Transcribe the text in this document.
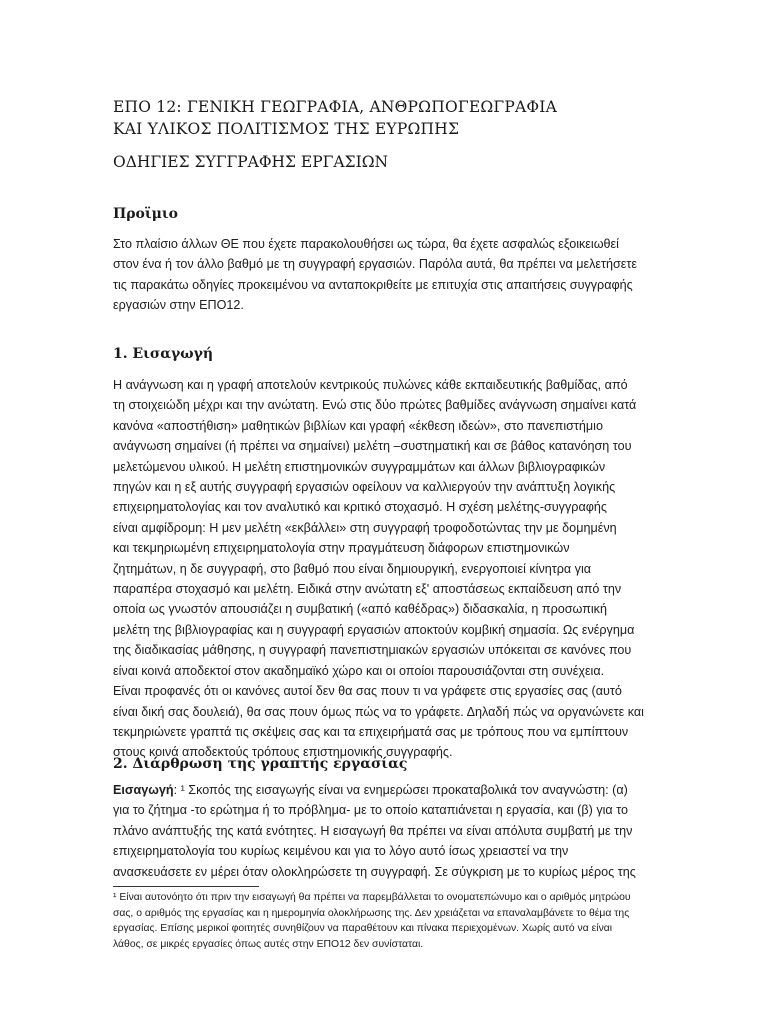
ΕΠΟ 12: ΓΕΝΙΚΗ ΓΕΩΓΡΑΦΙΑ, ΑΝΘΡΩΠΟΓΕΩΓΡΑΦΙΑ
ΚΑΙ ΥΛΙΚΟΣ ΠΟΛΙΤΙΣΜΟΣ ΤΗΣ ΕΥΡΩΠΗΣ
ΟΔΗΓΙΕΣ ΣΥΓΓΡΑΦΗΣ ΕΡΓΑΣΙΩΝ
Προϊμιο

Στο πλαίσιο άλλων ΘΕ που έχετε παρακολουθήσει ως τώρα, θα έχετε ασφαλώς εξοικειωθεί
στον ένα ή τον άλλο βαθμό με τη συγγραφή εργασιών. Παρόλα αυτά, θα πρέπει να μελετήσετε
τις παρακάτω οδηγίες προκειμένου να ανταποκριθείτε με επιτυχία στις απαιτήσεις συγγραφής
εργασιών στην ΕΠΟ12.

1. Εισαγωγή

Η ανάγνωση και η γραφή αποτελούν κεντρικούς πυλώνες κάθε εκπαιδευτικής βαθμίδας, από
τη στοιχειώδη μέχρι και την ανώτατη. Ενώ στις δύο πρώτες βαθμίδες ανάγνωση σημαίνει κατά
κανόνα «αποστήθιση» μαθητικών βιβλίων και γραφή «έκθεση ιδεών», στο πανεπιστήμιο
ανάγνωση σημαίνει (ή πρέπει να σημαίνει) μελέτη –συστηματική και σε βάθος κατανόηση του
μελετώμενου υλικού. Η μελέτη επιστημονικών συγγραμμάτων και άλλων βιβλιογραφικών
πηγών και η εξ αυτής συγγραφή εργασιών οφείλουν να καλλιεργούν την ανάπτυξη λογικής
επιχειρηματολογίας και τον αναλυτικό και κριτικό στοχασμό. Η σχέση μελέτης-συγγραφής
είναι αμφίδρομη: Η μεν μελέτη «εκβάλλει» στη συγγραφή τροφοδοτώντας την με δομημένη
και τεκμηριωμένη επιχειρηματολογία στην πραγμάτευση διάφορων επιστημονικών
ζητημάτων, η δε συγγραφή, στο βαθμό που είναι δημιουργική, ενεργοποιεί κίνητρα για
παραπέρα στοχασμό και μελέτη. Ειδικά στην ανώτατη εξ' αποστάσεως εκπαίδευση από την
οποία ως γνωστόν απουσιάζει η συμβατική («από καθέδρας») διδασκαλία, η προσωπική
μελέτη της βιβλιογραφίας και η συγγραφή εργασιών αποκτούν κομβική σημασία. Ως ενέργημα
της διαδικασίας μάθησης, η συγγραφή πανεπιστημιακών εργασιών υπόκειται σε κανόνες που
είναι κοινά αποδεκτοί στον ακαδημαϊκό χώρο και οι οποίοι παρουσιάζονται στη συνέχεια.
Είναι προφανές ότι οι κανόνες αυτοί δεν θα σας πουν τι να γράφετε στις εργασίες σας (αυτό
είναι δική σας δουλειά), θα σας πουν όμως πώς να το γράφετε. Δηλαδή πώς να οργανώνετε και
τεκμηριώνετε γραπτά τις σκέψεις σας και τα επιχειρήματά σας με τρόπους που να εμπίπτουν
στους κοινά αποδεκτούς τρόπους επιστημονικής συγγραφής.

2. Διάρθρωση της γραπτής εργασίας

Εισαγωγή: ¹ Σκοπός της εισαγωγής είναι να ενημερώσει προκαταβολικά τον αναγνώστη: (α)
για το ζήτημα -το ερώτημα ή το πρόβλημα- με το οποίο καταπιάνεται η εργασία, και (β) για το
πλάνο ανάπτυξής της κατά ενότητες. Η εισαγωγή θα πρέπει να είναι απόλυτα συμβατή με την
επιχειρηματολογία του κυρίως κειμένου και για το λόγο αυτό ίσως χρειαστεί να την
ανασκευάσετε εν μέρει όταν ολοκληρώσετε τη συγγραφή. Σε σύγκριση με το κυρίως μέρος της

¹ Είναι αυτονόητο ότι πριν την εισαγωγή θα πρέπει να παρεμβάλλεται το ονοματεπώνυμο και ο αριθμός μητρώου
σας, ο αριθμός της εργασίας και η ημερομηνία ολοκλήρωσης της. Δεν χρειάζεται να επαναλαμβάνετε το θέμα της
εργασίας. Επίσης μερικοί φοιτητές συνηθίζουν να παραθέτουν και πίνακα περιεχομένων. Χωρίς αυτό να είναι
λάθος, σε μικρές εργασίες όπως αυτές στην ΕΠΟ12 δεν συνίσταται.
